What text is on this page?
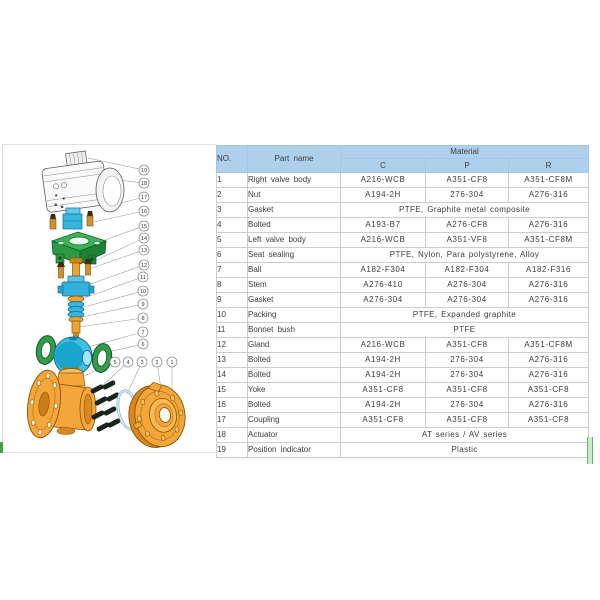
19
18
17
16
15
14
13
12
11
10
9
8
7
6
5 4 3 2 1
NO.	Part name	Material		
		C	P	R
1	Right valve body	A216-WCB	A351-CF8	A351-CF8M
2	Nut	A194-2H	276-304	A276-316
3	Gasket	PTFE, Graphite metal composite		
4	Bolted	A193-B7	A276-CF8	A276-316
5	Left valve body	A216-WCB	A351-VF8	A351-CF8M
6	Seat sealing	PTFE, Nylon, Para polystyrene, Alloy		
7	Ball	A182-F304	A182-F304	A182-F316
8	Stem	A276-410	A276-304	A276-316
9	Gasket	A276-304	A276-304	A276-316
10	Packing	PTFE, Expanded graphite		
11	Bonnet bush	PTFE		
12	Gland	A216-WCB	A351-CF8	A351-CF8M
13	Bolted	A194-2H	276-304	A276-316
14	Bolted	A194-2H	276-304	A276-316
15	Yoke	A351-CF8	A351-CF8	A351-CF8
16	Bolted	A194-2H	276-304	A276-316
17	Coupling	A351-CF8	A351-CF8	A351-CF8
18	Actuator	AT series / AV series		
19	Position indicator	Plastic		
